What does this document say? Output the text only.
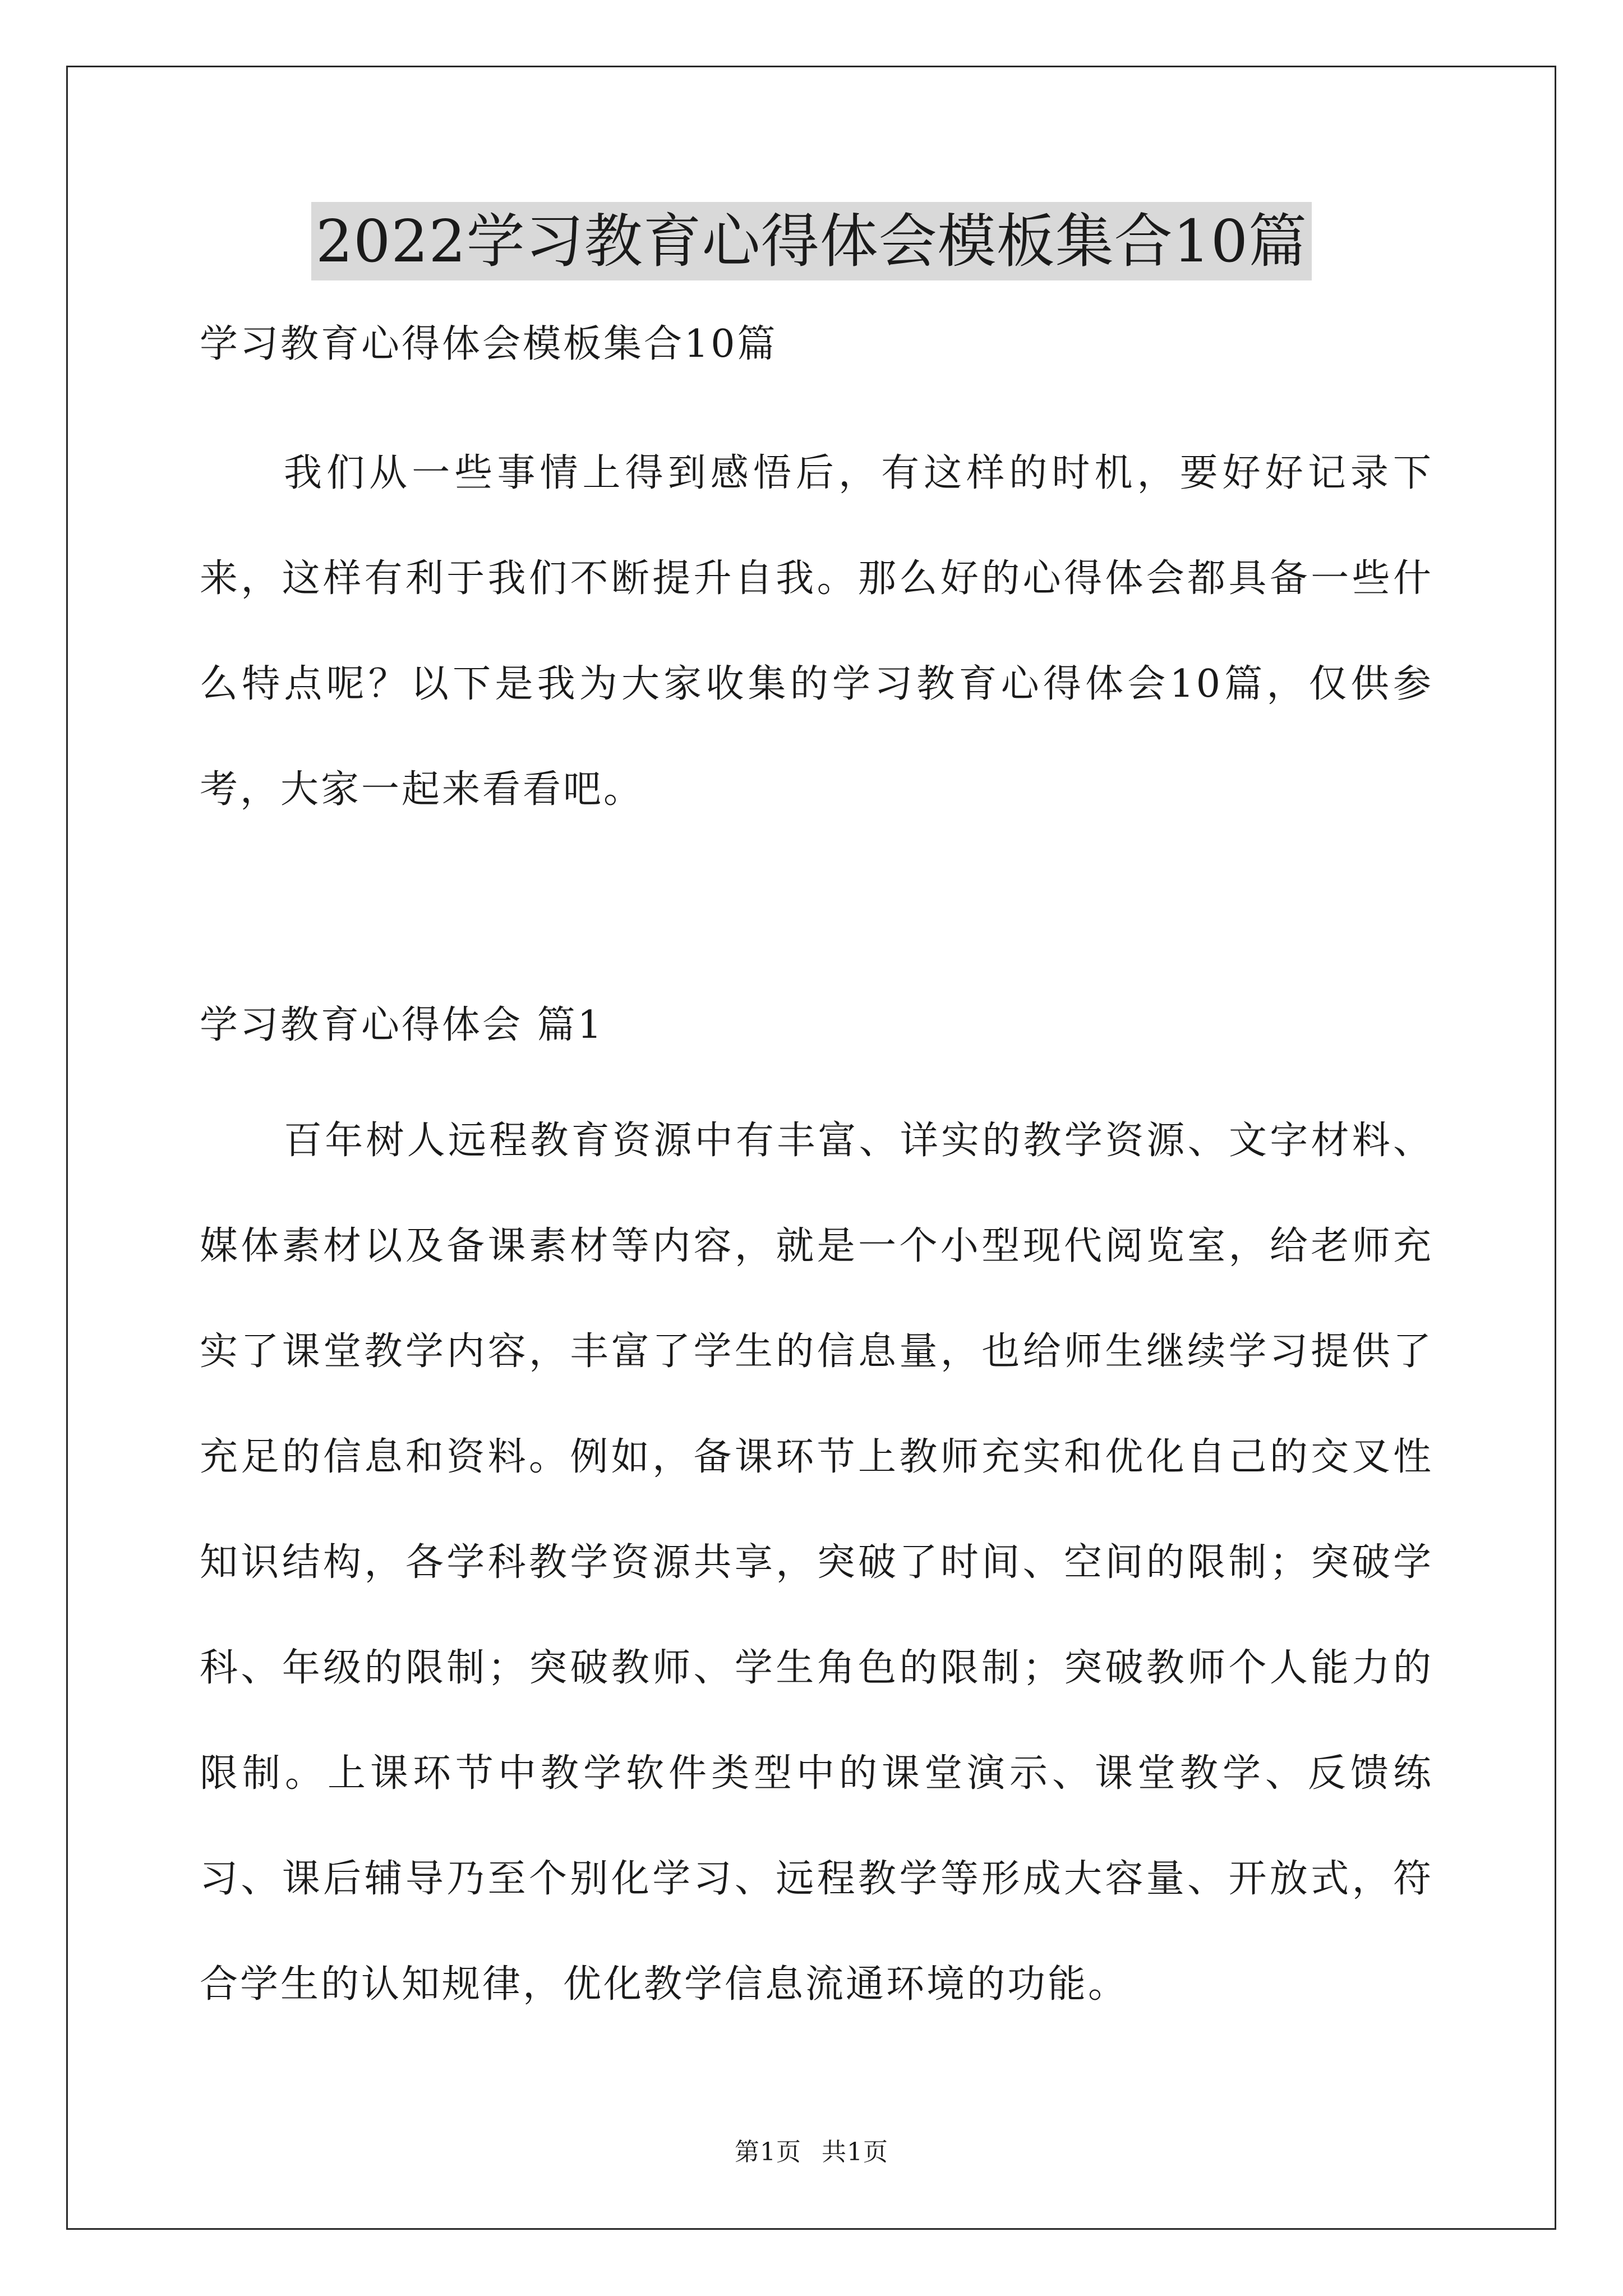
2022学习教育心得体会模板集合10篇
学习教育心得体会模板集合10篇
我们从一些事情上得到感悟后，有这样的时机，要好好记录下来，这样有利于我们不断提升自我。那么好的心得体会都具备一些什么特点呢？以下是我为大家收集的学习教育心得体会10篇，仅供参考，大家一起来看看吧。
学习教育心得体会 篇1
百年树人远程教育资源中有丰富、详实的教学资源、文字材料、媒体素材以及备课素材等内容，就是一个小型现代阅览室，给老师充实了课堂教学内容，丰富了学生的信息量，也给师生继续学习提供了充足的信息和资料。例如，备课环节上教师充实和优化自己的交叉性知识结构，各学科教学资源共享，突破了时间、空间的限制；突破学科、年级的限制；突破教师、学生角色的限制；突破教师个人能力的限制。上课环节中教学软件类型中的课堂演示、课堂教学、反馈练习、课后辅导乃至个别化学习、远程教学等形成大容量、开放式，符合学生的认知规律，优化教学信息流通环境的功能。
第1页 共1页
